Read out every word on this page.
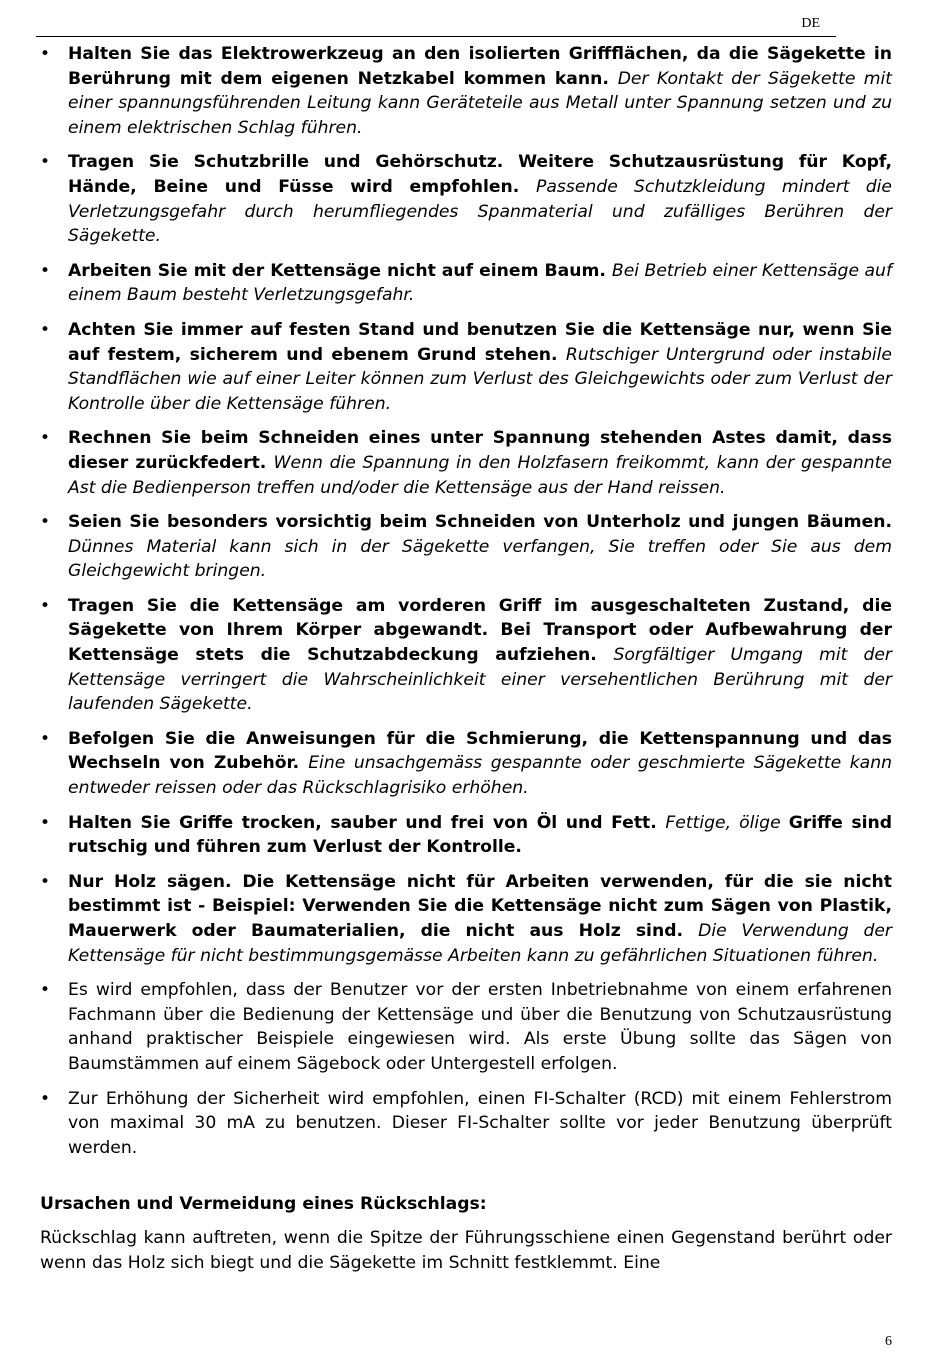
DE
• Halten Sie das Elektrowerkzeug an den isolierten Griffflächen, da die Sägekette in Berührung mit dem eigenen Netzkabel kommen kann. Der Kontakt der Sägekette mit einer spannungsführenden Leitung kann Geräteteile aus Metall unter Spannung setzen und zu einem elektrischen Schlag führen.
• Tragen Sie Schutzbrille und Gehörschutz. Weitere Schutzausrüstung für Kopf, Hände, Beine und Füsse wird empfohlen. Passende Schutzkleidung mindert die Verletzungsgefahr durch herumfliegendes Spanmaterial und zufälliges Berühren der Sägekette.
• Arbeiten Sie mit der Kettensäge nicht auf einem Baum. Bei Betrieb einer Kettensäge auf einem Baum besteht Verletzungsgefahr.
• Achten Sie immer auf festen Stand und benutzen Sie die Kettensäge nur, wenn Sie auf festem, sicherem und ebenem Grund stehen. Rutschiger Untergrund oder instabile Standflächen wie auf einer Leiter können zum Verlust des Gleichgewichts oder zum Verlust der Kontrolle über die Kettensäge führen.
• Rechnen Sie beim Schneiden eines unter Spannung stehenden Astes damit, dass dieser zurückfedert. Wenn die Spannung in den Holzfasern freikommt, kann der gespannte Ast die Bedienperson treffen und/oder die Kettensäge aus der Hand reissen.
• Seien Sie besonders vorsichtig beim Schneiden von Unterholz und jungen Bäumen. Dünnes Material kann sich in der Sägekette verfangen, Sie treffen oder Sie aus dem Gleichgewicht bringen.
• Tragen Sie die Kettensäge am vorderen Griff im ausgeschalteten Zustand, die Sägekette von Ihrem Körper abgewandt. Bei Transport oder Aufbewahrung der Kettensäge stets die Schutzabdeckung aufziehen. Sorgfältiger Umgang mit der Kettensäge verringert die Wahrscheinlichkeit einer versehentlichen Berührung mit der laufenden Sägekette.
• Befolgen Sie die Anweisungen für die Schmierung, die Kettenspannung und das Wechseln von Zubehör. Eine unsachgemäss gespannte oder geschmierte Sägekette kann entweder reissen oder das Rückschlagrisiko erhöhen.
• Halten Sie Griffe trocken, sauber und frei von Öl und Fett. Fettige, ölige Griffe sind rutschig und führen zum Verlust der Kontrolle.
• Nur Holz sägen. Die Kettensäge nicht für Arbeiten verwenden, für die sie nicht bestimmt ist - Beispiel: Verwenden Sie die Kettensäge nicht zum Sägen von Plastik, Mauerwerk oder Baumaterialien, die nicht aus Holz sind. Die Verwendung der Kettensäge für nicht bestimmungsgemässe Arbeiten kann zu gefährlichen Situationen führen.
• Es wird empfohlen, dass der Benutzer vor der ersten Inbetriebnahme von einem erfahrenen Fachmann über die Bedienung der Kettensäge und über die Benutzung von Schutzausrüstung anhand praktischer Beispiele eingewiesen wird. Als erste Übung sollte das Sägen von Baumstämmen auf einem Sägebock oder Untergestell erfolgen.
• Zur Erhöhung der Sicherheit wird empfohlen, einen FI-Schalter (RCD) mit einem Fehlerstrom von maximal 30 mA zu benutzen. Dieser FI-Schalter sollte vor jeder Benutzung überprüft werden.
Ursachen und Vermeidung eines Rückschlags:

Rückschlag kann auftreten, wenn die Spitze der Führungsschiene einen Gegenstand berührt oder wenn das Holz sich biegt und die Sägekette im Schnitt festklemmt. Eine

6
